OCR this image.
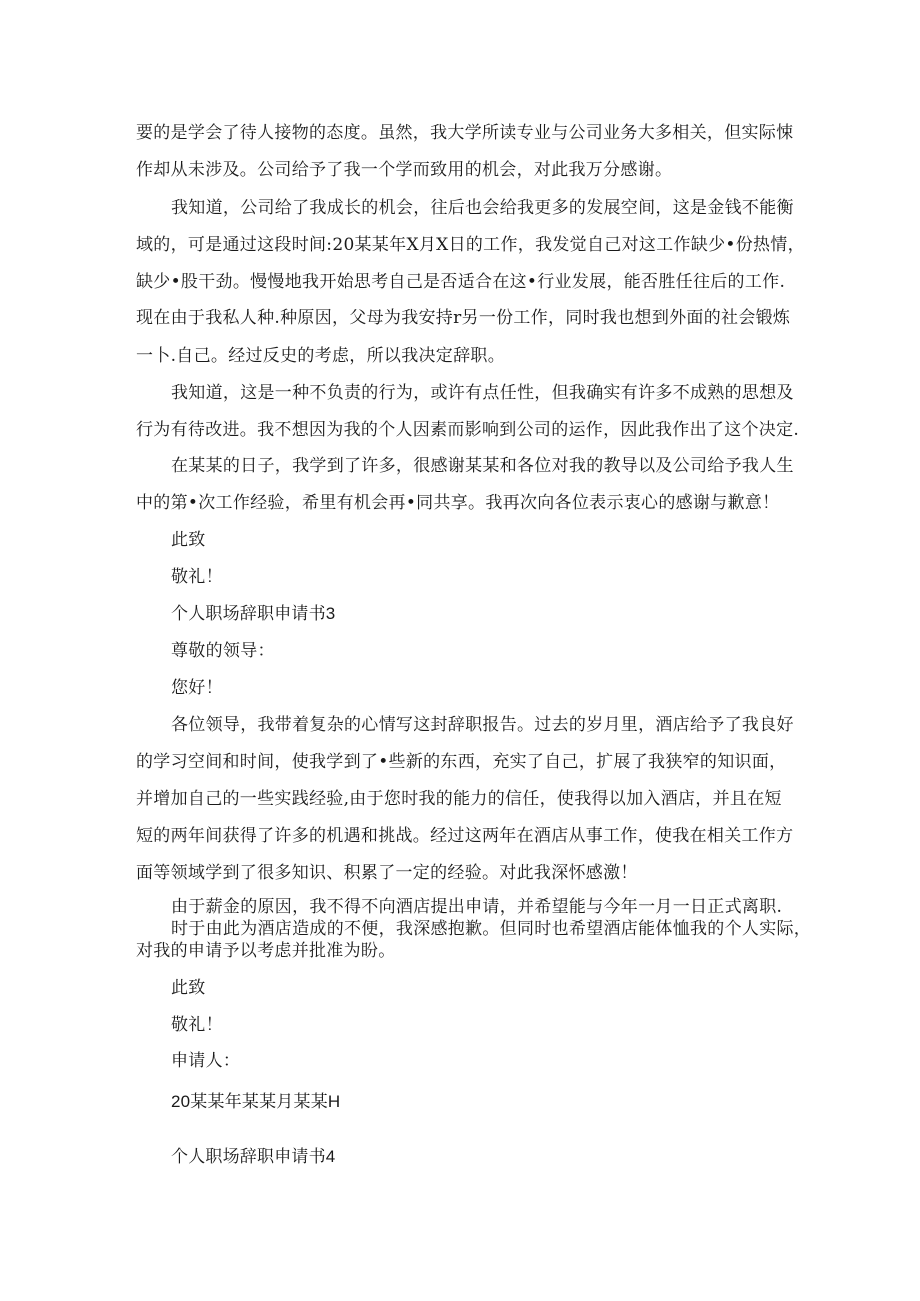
要的是学会了待人接物的态度。虽然，我大学所读专业与公司业务大多相关，但实际悚
作却从未涉及。公司给予了我一个学而致用的机会，对此我万分感谢。
我知道，公司给了我成长的机会，往后也会给我更多的发展空间，这是金钱不能衡
域的，可是通过这段时间:20某某年X月X日的工作，我发觉自己对这工作缺少•份热情，
缺少•股干劲。慢慢地我开始思考自己是否适合在这•行业发展，能否胜任往后的工作.
现在由于我私人种.种原因，父母为我安持r另一份工作，同时我也想到外面的社会锻炼
一卜.自己。经过反史的考虑，所以我决定辞职。
我知道，这是一种不负责的行为，或许有点任性，但我确实有许多不成熟的思想及
行为有待改进。我不想因为我的个人因素而影响到公司的运作，因此我作出了这个决定.
在某某的日子，我学到了许多，很感谢某某和各位对我的教导以及公司给予我人生
中的第•次工作经验，希里有机会再•同共享。我再次向各位表示衷心的感谢与歉意！
此致
敬礼！
个人职场辞职申请书3
尊敬的领导：
您好！
各位领导，我带着复杂的心情写这封辞职报告。过去的岁月里，酒店给予了我良好
的学习空间和时间，使我学到了•些新的东西，充实了自己，扩展了我狭窄的知识面，
并增加自己的一些实践经验,由于您时我的能力的信任，使我得以加入酒店，并且在短
短的两年间获得了许多的机遇和挑战。经过这两年在酒店从事工作，使我在相关工作方
面等领域学到了很多知识、积累了一定的经验。对此我深怀感激！
由于薪金的原因，我不得不向酒店提出申请，并希望能与今年一月一日正式离职.
时于由此为酒店造成的不便，我深感抱歉。但同时也希望酒店能体恤我的个人实际，
对我的申请予以考虑并批准为盼。
此致
敬礼！
申请人：
20某某年某某月某某H
个人职场辞职申请书4
